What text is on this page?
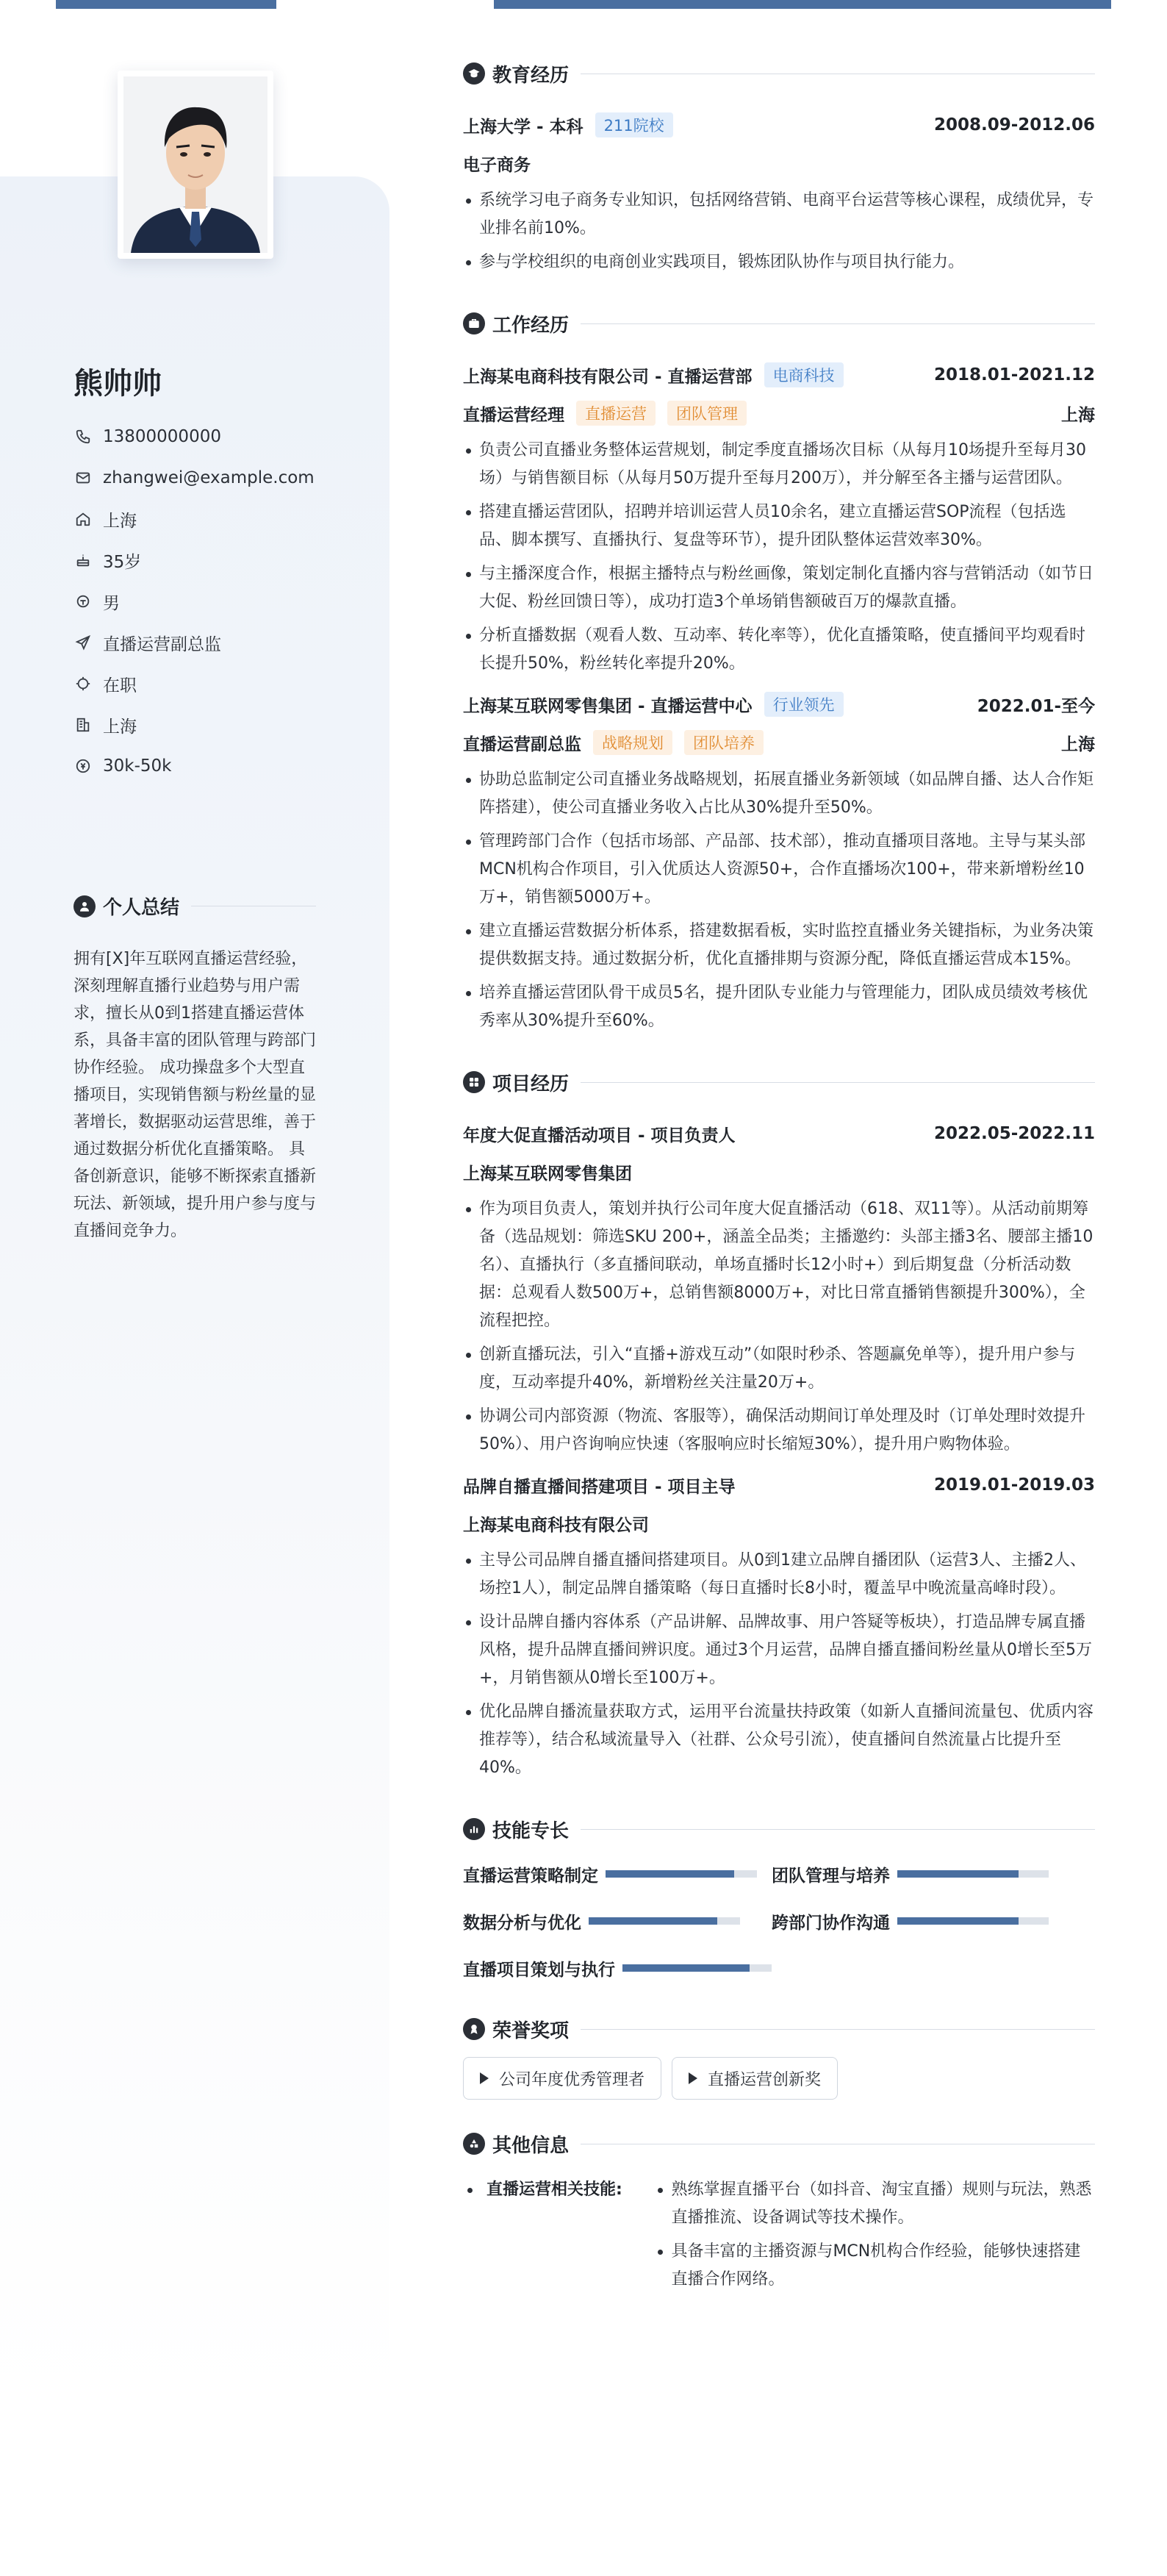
熊帅帅
13800000000
zhangwei@example.com
上海
35岁
男
直播运营副总监
在职
上海
30k-50k
个人总结
拥有[X]年互联网直播运营经验，深刻理解直播行业趋势与用户需求，擅长从0到1搭建直播运营体系，具备丰富的团队管理与跨部门协作经验。 成功操盘多个大型直播项目，实现销售额与粉丝量的显著增长，数据驱动运营思维，善于通过数据分析优化直播策略。 具备创新意识，能够不断探索直播新玩法、新领域，提升用户参与度与直播间竞争力。
教育经历
上海大学 - 本科	211院校	2008.09-2012.06
电子商务
系统学习电子商务专业知识，包括网络营销、电商平台运营等核心课程，成绩优异，专业排名前10%。
参与学校组织的电商创业实践项目，锻炼团队协作与项目执行能力。
工作经历
上海某电商科技有限公司 - 直播运营部	电商科技	2018.01-2021.12
直播运营经理	直播运营	团队管理	上海
负责公司直播业务整体运营规划，制定季度直播场次目标（从每月10场提升至每月30场）与销售额目标（从每月50万提升至每月200万），并分解至各主播与运营团队。
搭建直播运营团队，招聘并培训运营人员10余名，建立直播运营SOP流程（包括选品、脚本撰写、直播执行、复盘等环节），提升团队整体运营效率30%。
与主播深度合作，根据主播特点与粉丝画像，策划定制化直播内容与营销活动（如节日大促、粉丝回馈日等），成功打造3个单场销售额破百万的爆款直播。
分析直播数据（观看人数、互动率、转化率等），优化直播策略，使直播间平均观看时长提升50%，粉丝转化率提升20%。
上海某互联网零售集团 - 直播运营中心	行业领先	2022.01-至今
直播运营副总监	战略规划	团队培养	上海
协助总监制定公司直播业务战略规划，拓展直播业务新领域（如品牌自播、达人合作矩阵搭建），使公司直播业务收入占比从30%提升至50%。
管理跨部门合作（包括市场部、产品部、技术部），推动直播项目落地。主导与某头部MCN机构合作项目，引入优质达人资源50+，合作直播场次100+，带来新增粉丝10万+，销售额5000万+。
建立直播运营数据分析体系，搭建数据看板，实时监控直播业务关键指标，为业务决策提供数据支持。通过数据分析，优化直播排期与资源分配，降低直播运营成本15%。
培养直播运营团队骨干成员5名，提升团队专业能力与管理能力，团队成员绩效考核优秀率从30%提升至60%。
项目经历
年度大促直播活动项目 - 项目负责人	2022.05-2022.11
上海某互联网零售集团
作为项目负责人，策划并执行公司年度大促直播活动（618、双11等）。从活动前期筹备（选品规划：筛选SKU 200+，涵盖全品类；主播邀约：头部主播3名、腰部主播10名）、直播执行（多直播间联动，单场直播时长12小时+）到后期复盘（分析活动数据：总观看人数500万+，总销售额8000万+，对比日常直播销售额提升300%），全流程把控。
创新直播玩法，引入“直播+游戏互动”（如限时秒杀、答题赢免单等），提升用户参与度，互动率提升40%，新增粉丝关注量20万+。
协调公司内部资源（物流、客服等），确保活动期间订单处理及时（订单处理时效提升50%）、用户咨询响应快速（客服响应时长缩短30%），提升用户购物体验。
品牌自播直播间搭建项目 - 项目主导	2019.01-2019.03
上海某电商科技有限公司
主导公司品牌自播直播间搭建项目。从0到1建立品牌自播团队（运营3人、主播2人、场控1人），制定品牌自播策略（每日直播时长8小时，覆盖早中晚流量高峰时段）。
设计品牌自播内容体系（产品讲解、品牌故事、用户答疑等板块），打造品牌专属直播风格，提升品牌直播间辨识度。通过3个月运营，品牌自播直播间粉丝量从0增长至5万+，月销售额从0增长至100万+。
优化品牌自播流量获取方式，运用平台流量扶持政策（如新人直播间流量包、优质内容推荐等），结合私域流量导入（社群、公众号引流），使直播间自然流量占比提升至40%。
技能专长
直播运营策略制定	团队管理与培养
数据分析与优化	跨部门协作沟通
直播项目策划与执行
荣誉奖项
公司年度优秀管理者	直播运营创新奖
其他信息
直播运营相关技能:	熟练掌握直播平台（如抖音、淘宝直播）规则与玩法，熟悉直播推流、设备调试等技术操作。
具备丰富的主播资源与MCN机构合作经验，能够快速搭建直播合作网络。
